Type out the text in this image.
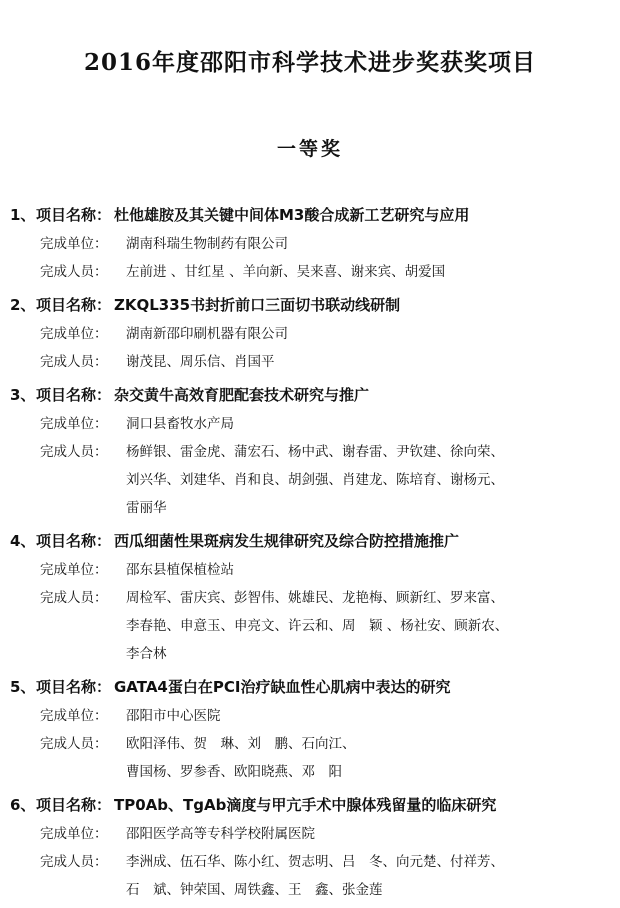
2016年度邵阳市科学技术进步奖获奖项目
一等奖
1、 项目名称： 杜他雄胺及其关键中间体M3酸合成新工艺研究与应用
完成单位： 湖南科瑞生物制药有限公司
完成人员： 左前进 、甘红星 、羊向新、吴来喜、谢来宾、胡爱国
2、 项目名称： ZKQL335书封折前口三面切书联动线研制
完成单位： 湖南新邵印刷机器有限公司
完成人员： 谢茂昆、周乐信、肖国平
3、 项目名称： 杂交黄牛高效育肥配套技术研究与推广
完成单位： 洞口县畜牧水产局
完成人员： 杨鲜银、雷金虎、蒲宏石、杨中武、谢春雷、尹钦建、徐向荣、
刘兴华、刘建华、肖和良、胡剑强、肖建龙、陈培育、谢杨元、
雷丽华
4、 项目名称： 西瓜细菌性果斑病发生规律研究及综合防控措施推广
完成单位： 邵东县植保植检站
完成人员： 周检军、雷庆宾、彭智伟、姚雄民、龙艳梅、顾新红、罗来富、
李春艳、申意玉、申亮文、许云和、周　颖 、杨社安、顾新农、
李合林
5、 项目名称： GATA4蛋白在PCI治疗缺血性心肌病中表达的研究
完成单位： 邵阳市中心医院
完成人员： 欧阳泽伟、贺　琳、刘　鹏、石向江、
曹国杨、罗参香、欧阳晓燕、邓　阳
6、 项目名称： TP0Ab、TgAb滴度与甲亢手术中腺体残留量的临床研究
完成单位： 邵阳医学高等专科学校附属医院
完成人员： 李洲成、伍石华、陈小红、贺志明、吕　冬、向元楚、付祥芳、
石　斌、钟荣国、周铁鑫、王　鑫、张金莲
